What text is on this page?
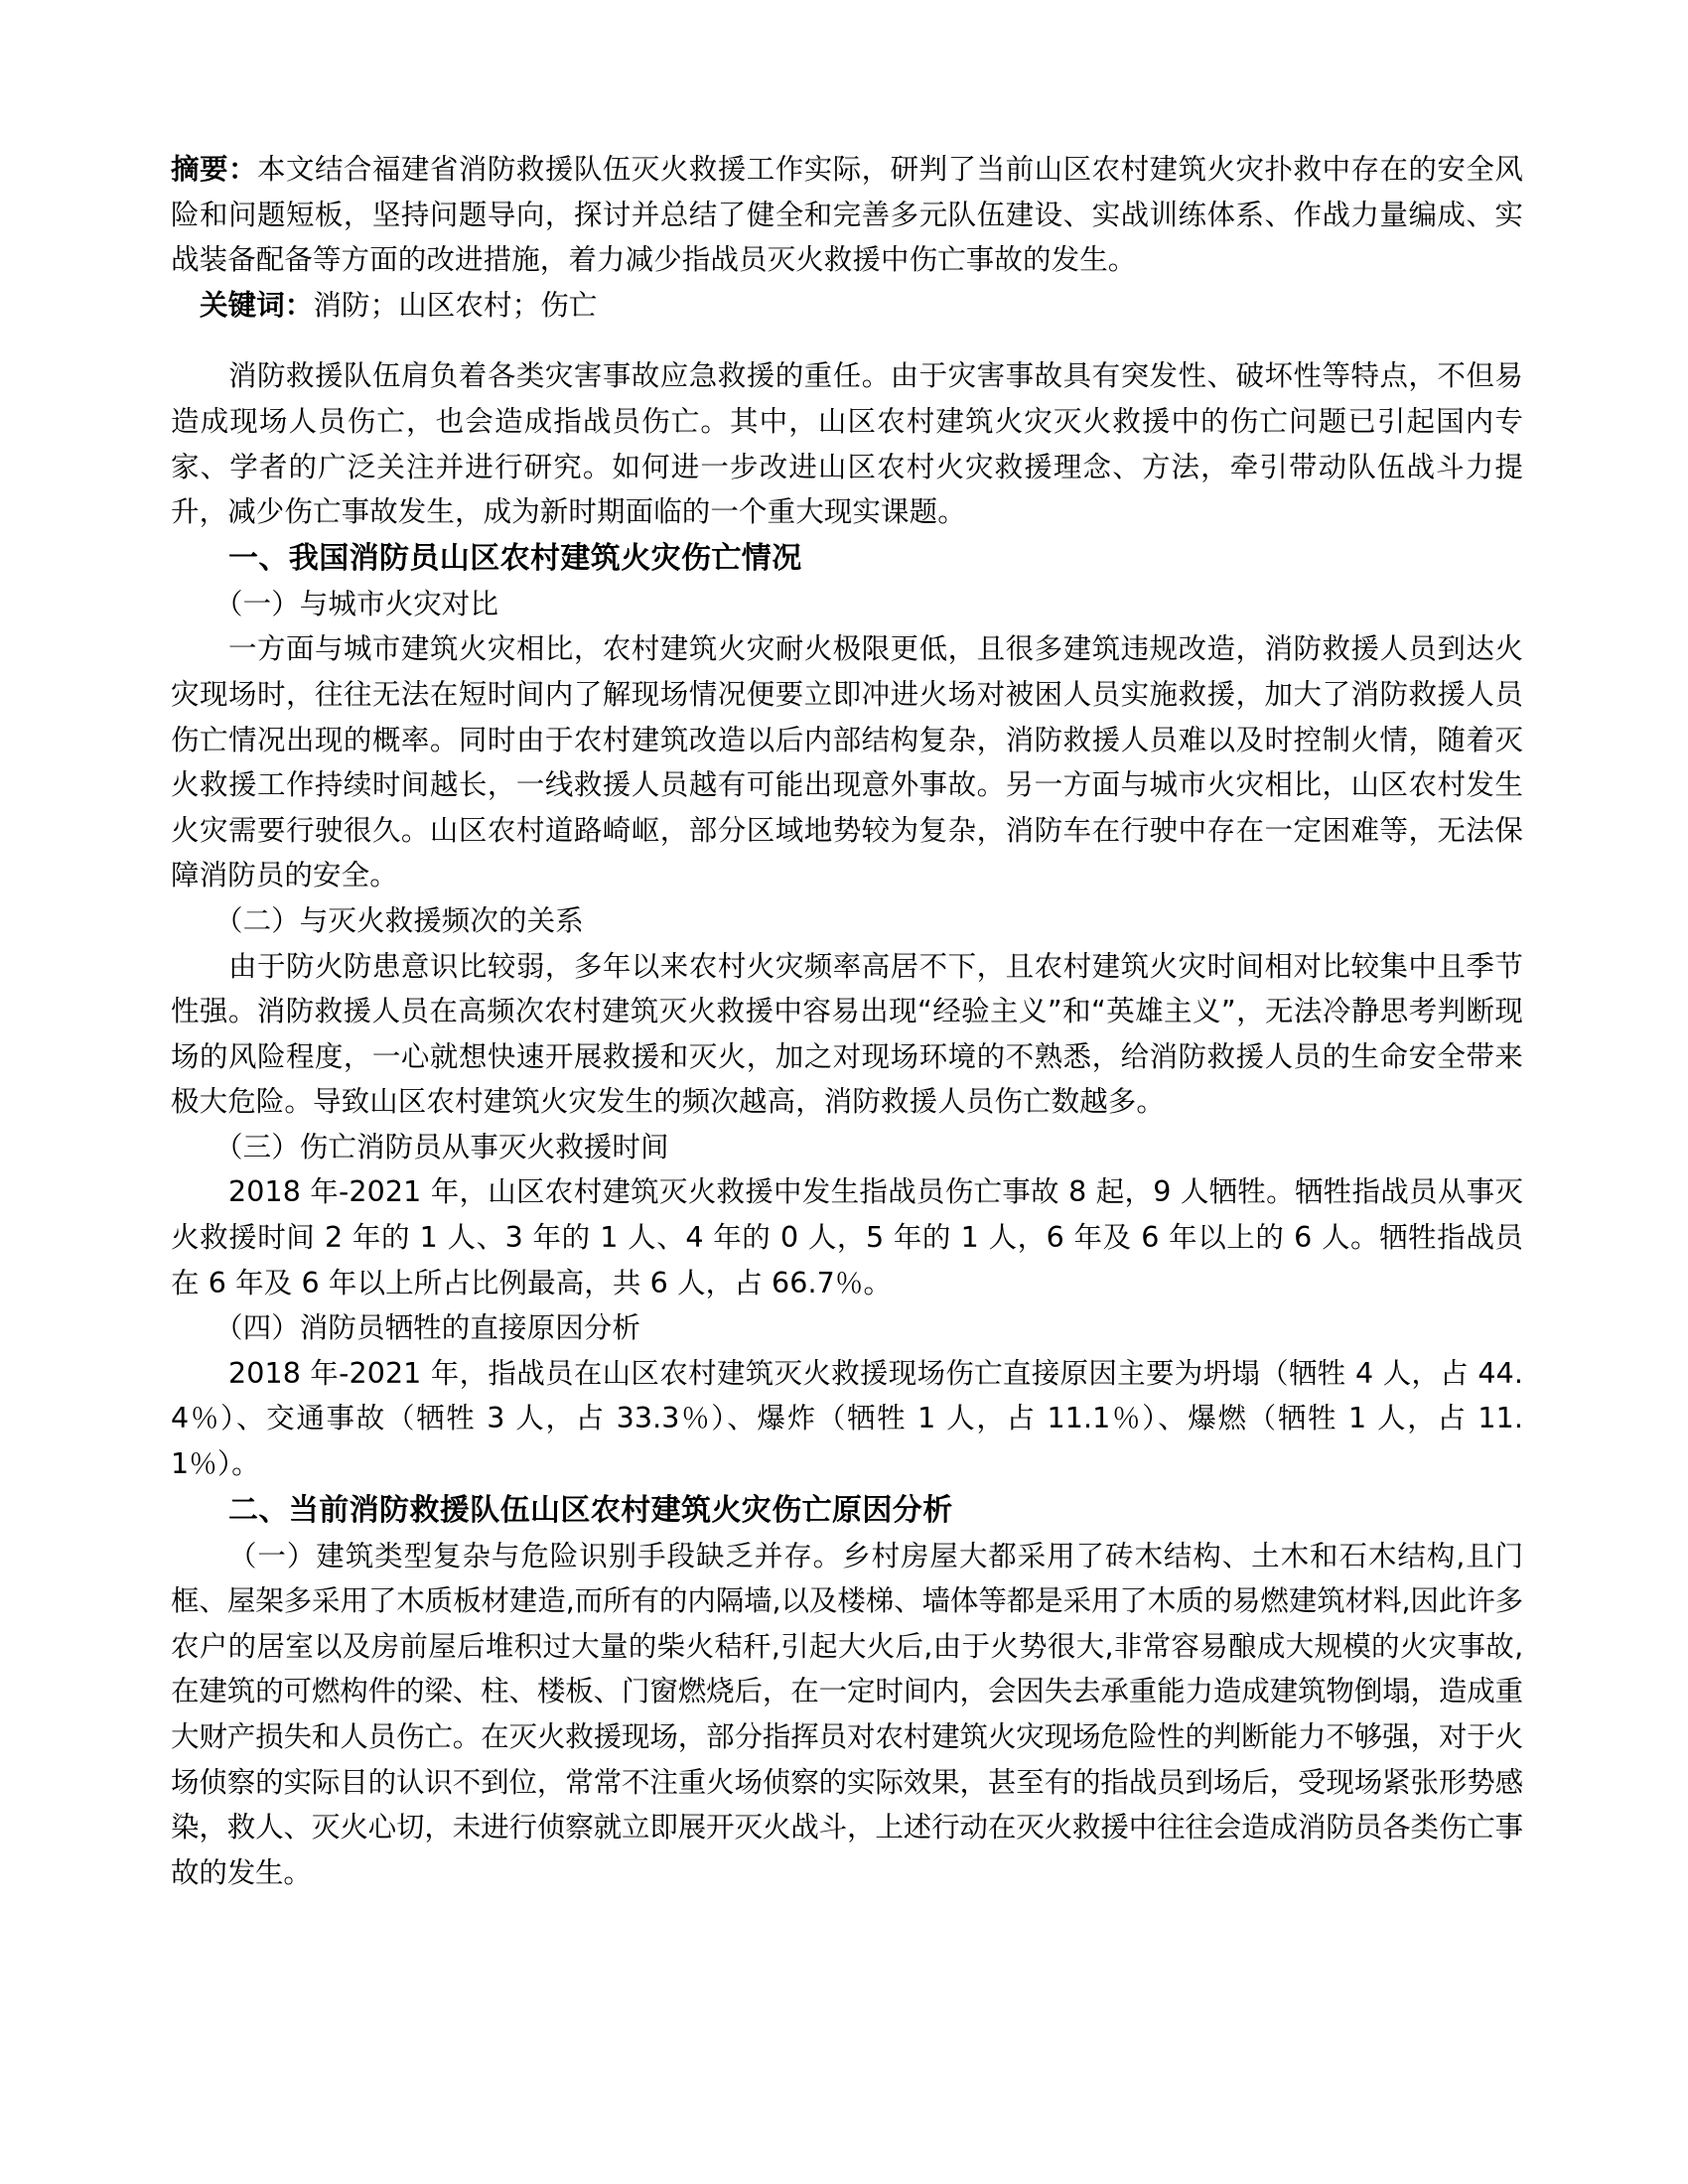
摘要：本文结合福建省消防救援队伍灭火救援工作实际，研判了当前山区农村建筑火灾扑救中存在的安全风险和问题短板，坚持问题导向，探讨并总结了健全和完善多元队伍建设、实战训练体系、作战力量编成、实战装备配备等方面的改进措施，着力减少指战员灭火救援中伤亡事故的发生。

关键词：消防；山区农村；伤亡

消防救援队伍肩负着各类灾害事故应急救援的重任。由于灾害事故具有突发性、破坏性等特点，不但易造成现场人员伤亡，也会造成指战员伤亡。其中，山区农村建筑火灾灭火救援中的伤亡问题已引起国内专家、学者的广泛关注并进行研究。如何进一步改进山区农村火灾救援理念、方法，牵引带动队伍战斗力提升，减少伤亡事故发生，成为新时期面临的一个重大现实课题。

一、我国消防员山区农村建筑火灾伤亡情况

（一）与城市火灾对比

一方面与城市建筑火灾相比，农村建筑火灾耐火极限更低，且很多建筑违规改造，消防救援人员到达火灾现场时，往往无法在短时间内了解现场情况便要立即冲进火场对被困人员实施救援，加大了消防救援人员伤亡情况出现的概率。同时由于农村建筑改造以后内部结构复杂，消防救援人员难以及时控制火情，随着灭火救援工作持续时间越长，一线救援人员越有可能出现意外事故。另一方面与城市火灾相比，山区农村发生火灾需要行驶很久。山区农村道路崎岖，部分区域地势较为复杂，消防车在行驶中存在一定困难等，无法保障消防员的安全。

（二）与灭火救援频次的关系

由于防火防患意识比较弱，多年以来农村火灾频率高居不下，且农村建筑火灾时间相对比较集中且季节性强。消防救援人员在高频次农村建筑灭火救援中容易出现“经验主义”和“英雄主义”，无法冷静思考判断现场的风险程度，一心就想快速开展救援和灭火，加之对现场环境的不熟悉，给消防救援人员的生命安全带来极大危险。导致山区农村建筑火灾发生的频次越高，消防救援人员伤亡数越多。

（三）伤亡消防员从事灭火救援时间

2018 年-2021 年，山区农村建筑灭火救援中发生指战员伤亡事故 8 起，9 人牺牲。牺牲指战员从事灭火救援时间 2 年的 1 人、3 年的 1 人、4 年的 0 人，5 年的 1 人，6 年及 6 年以上的 6 人。牺牲指战员在 6 年及 6 年以上所占比例最高，共 6 人，占 66.7％。

（四）消防员牺牲的直接原因分析

2018 年-2021 年，指战员在山区农村建筑灭火救援现场伤亡直接原因主要为坍塌（牺牲 4 人，占 44.4％）、交通事故（牺牲 3 人，占 33.3％）、爆炸（牺牲 1 人，占 11.1％）、爆燃（牺牲 1 人，占 11.1％）。

二、当前消防救援队伍山区农村建筑火灾伤亡原因分析

（一）建筑类型复杂与危险识别手段缺乏并存。乡村房屋大都采用了砖木结构、土木和石木结构,且门框、屋架多采用了木质板材建造,而所有的内隔墙,以及楼梯、墙体等都是采用了木质的易燃建筑材料,因此许多农户的居室以及房前屋后堆积过大量的柴火秸秆,引起大火后,由于火势很大,非常容易酿成大规模的火灾事故,在建筑的可燃构件的梁、柱、楼板、门窗燃烧后，在一定时间内，会因失去承重能力造成建筑物倒塌，造成重大财产损失和人员伤亡。在灭火救援现场，部分指挥员对农村建筑火灾现场危险性的判断能力不够强，对于火场侦察的实际目的认识不到位，常常不注重火场侦察的实际效果，甚至有的指战员到场后，受现场紧张形势感染，救人、灭火心切，未进行侦察就立即展开灭火战斗，上述行动在灭火救援中往往会造成消防员各类伤亡事故的发生。
